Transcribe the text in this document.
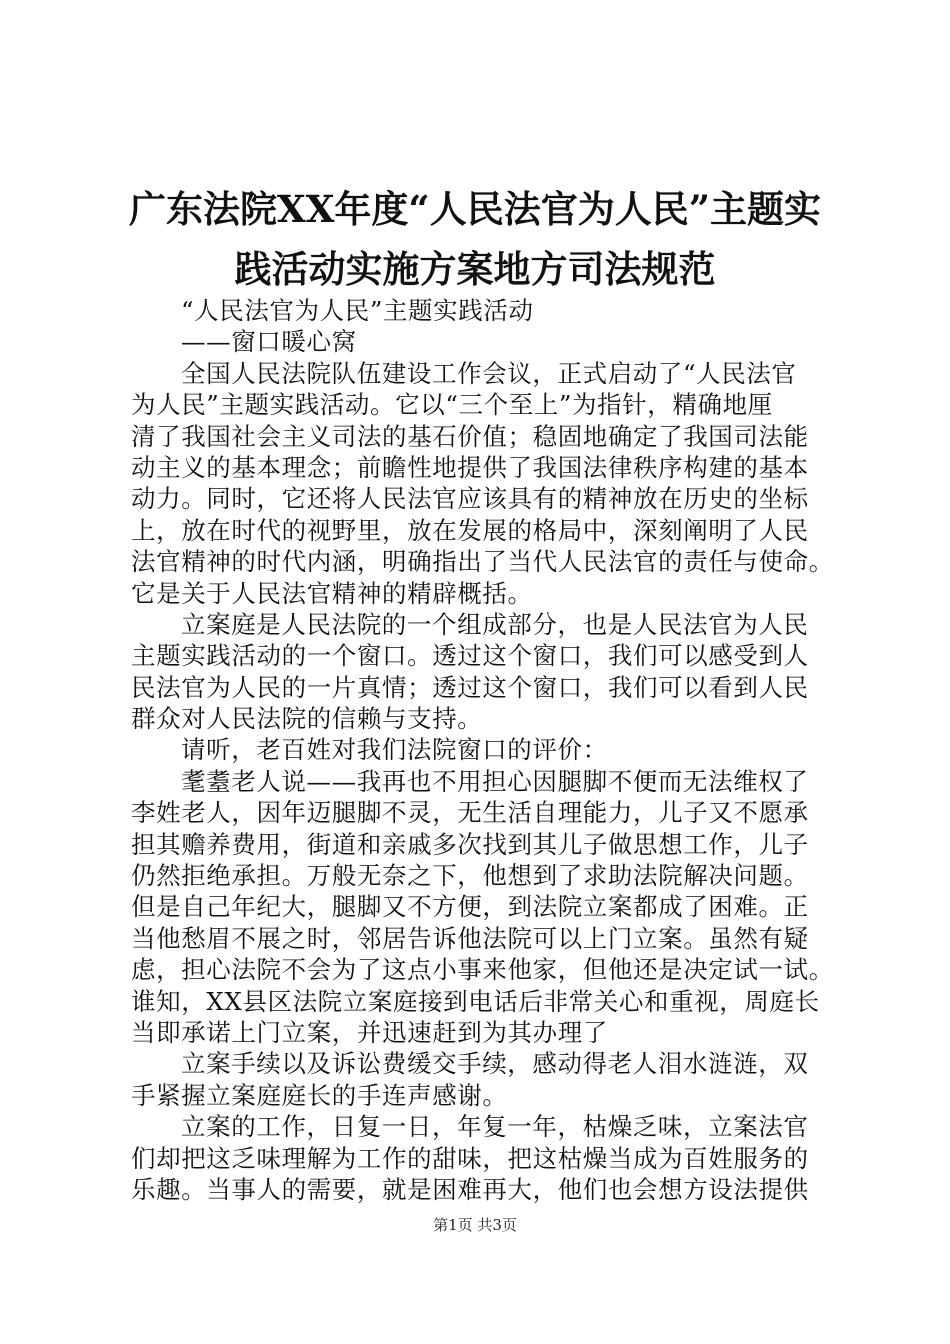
广东法院XX年度“人民法官为人民”主题实
践活动实施方案地方司法规范
“人民法官为人民”主题实践活动
——窗口暖心窝
全国人民法院队伍建设工作会议，正式启动了“人民法官
为人民”主题实践活动。它以“三个至上”为指针，精确地厘
清了我国社会主义司法的基石价值；稳固地确定了我国司法能
动主义的基本理念；前瞻性地提供了我国法律秩序构建的基本
动力。同时，它还将人民法官应该具有的精神放在历史的坐标
上，放在时代的视野里，放在发展的格局中，深刻阐明了人民
法官精神的时代内涵，明确指出了当代人民法官的责任与使命。
它是关于人民法官精神的精辟概括。
立案庭是人民法院的一个组成部分，也是人民法官为人民
主题实践活动的一个窗口。透过这个窗口，我们可以感受到人
民法官为人民的一片真情；透过这个窗口，我们可以看到人民
群众对人民法院的信赖与支持。
请听，老百姓对我们法院窗口的评价：
耄耋老人说——我再也不用担心因腿脚不便而无法维权了
李姓老人，因年迈腿脚不灵，无生活自理能力，儿子又不愿承
担其赡养费用，街道和亲戚多次找到其儿子做思想工作，儿子
仍然拒绝承担。万般无奈之下，他想到了求助法院解决问题。
但是自己年纪大，腿脚又不方便，到法院立案都成了困难。正
当他愁眉不展之时，邻居告诉他法院可以上门立案。虽然有疑
虑，担心法院不会为了这点小事来他家，但他还是决定试一试。
谁知，XX县区法院立案庭接到电话后非常关心和重视，周庭长
当即承诺上门立案，并迅速赶到为其办理了
立案手续以及诉讼费缓交手续，感动得老人泪水涟涟，双
手紧握立案庭庭长的手连声感谢。
立案的工作，日复一日，年复一年，枯燥乏味，立案法官
们却把这乏味理解为工作的甜味，把这枯燥当成为百姓服务的
乐趣。当事人的需要，就是困难再大，他们也会想方设法提供
第1页 共3页
